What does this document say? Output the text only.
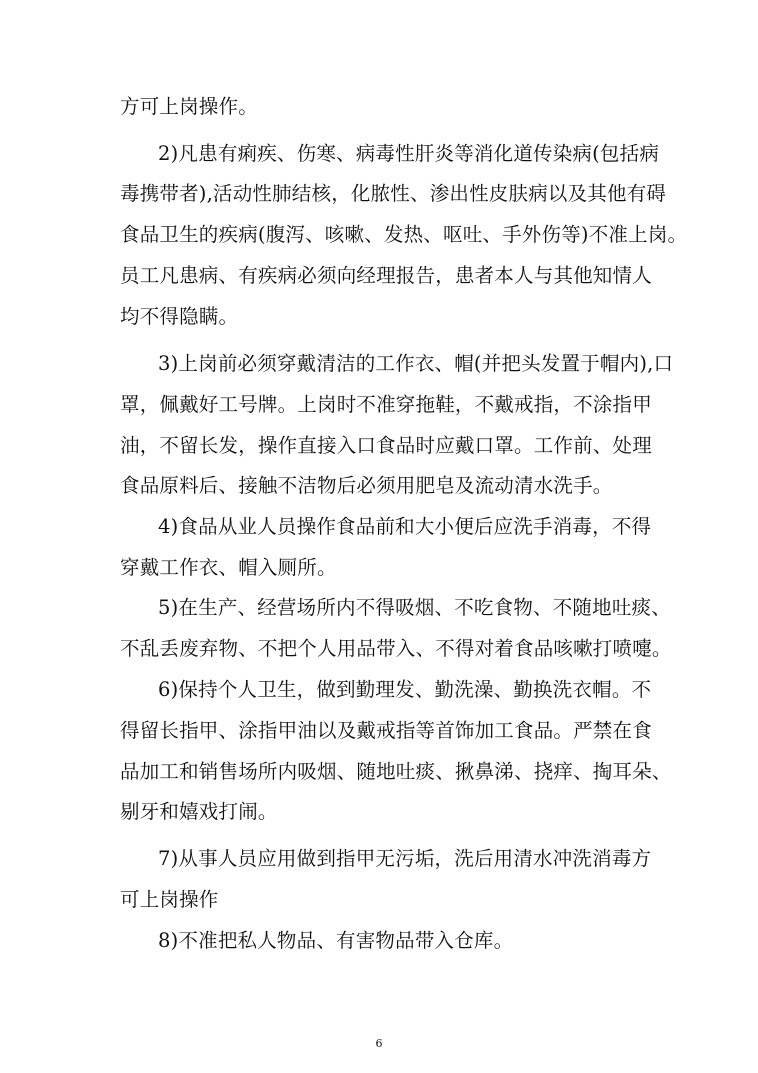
方可上岗操作。
2)凡患有痢疾、伤寒、病毒性肝炎等消化道传染病(包括病
毒携带者),活动性肺结核，化脓性、渗出性皮肤病以及其他有碍
食品卫生的疾病(腹泻、咳嗽、发热、呕吐、手外伤等)不准上岗。
员工凡患病、有疾病必须向经理报告，患者本人与其他知情人
均不得隐瞒。
3)上岗前必须穿戴清洁的工作衣、帽(并把头发置于帽内),口
罩，佩戴好工号牌。上岗时不准穿拖鞋，不戴戒指，不涂指甲
油，不留长发，操作直接入口食品时应戴口罩。工作前、处理
食品原料后、接触不洁物后必须用肥皂及流动清水洗手。
4)食品从业人员操作食品前和大小便后应洗手消毒，不得
穿戴工作衣、帽入厕所。
5)在生产、经营场所内不得吸烟、不吃食物、不随地吐痰、
不乱丢废弃物、不把个人用品带入、不得对着食品咳嗽打喷嚏。
6)保持个人卫生，做到勤理发、勤洗澡、勤换洗衣帽。不
得留长指甲、涂指甲油以及戴戒指等首饰加工食品。严禁在食
品加工和销售场所内吸烟、随地吐痰、揪鼻涕、挠痒、掏耳朵、
剔牙和嬉戏打闹。
7)从事人员应用做到指甲无污垢，洗后用清水冲洗消毒方
可上岗操作
8)不准把私人物品、有害物品带入仓库。
6
